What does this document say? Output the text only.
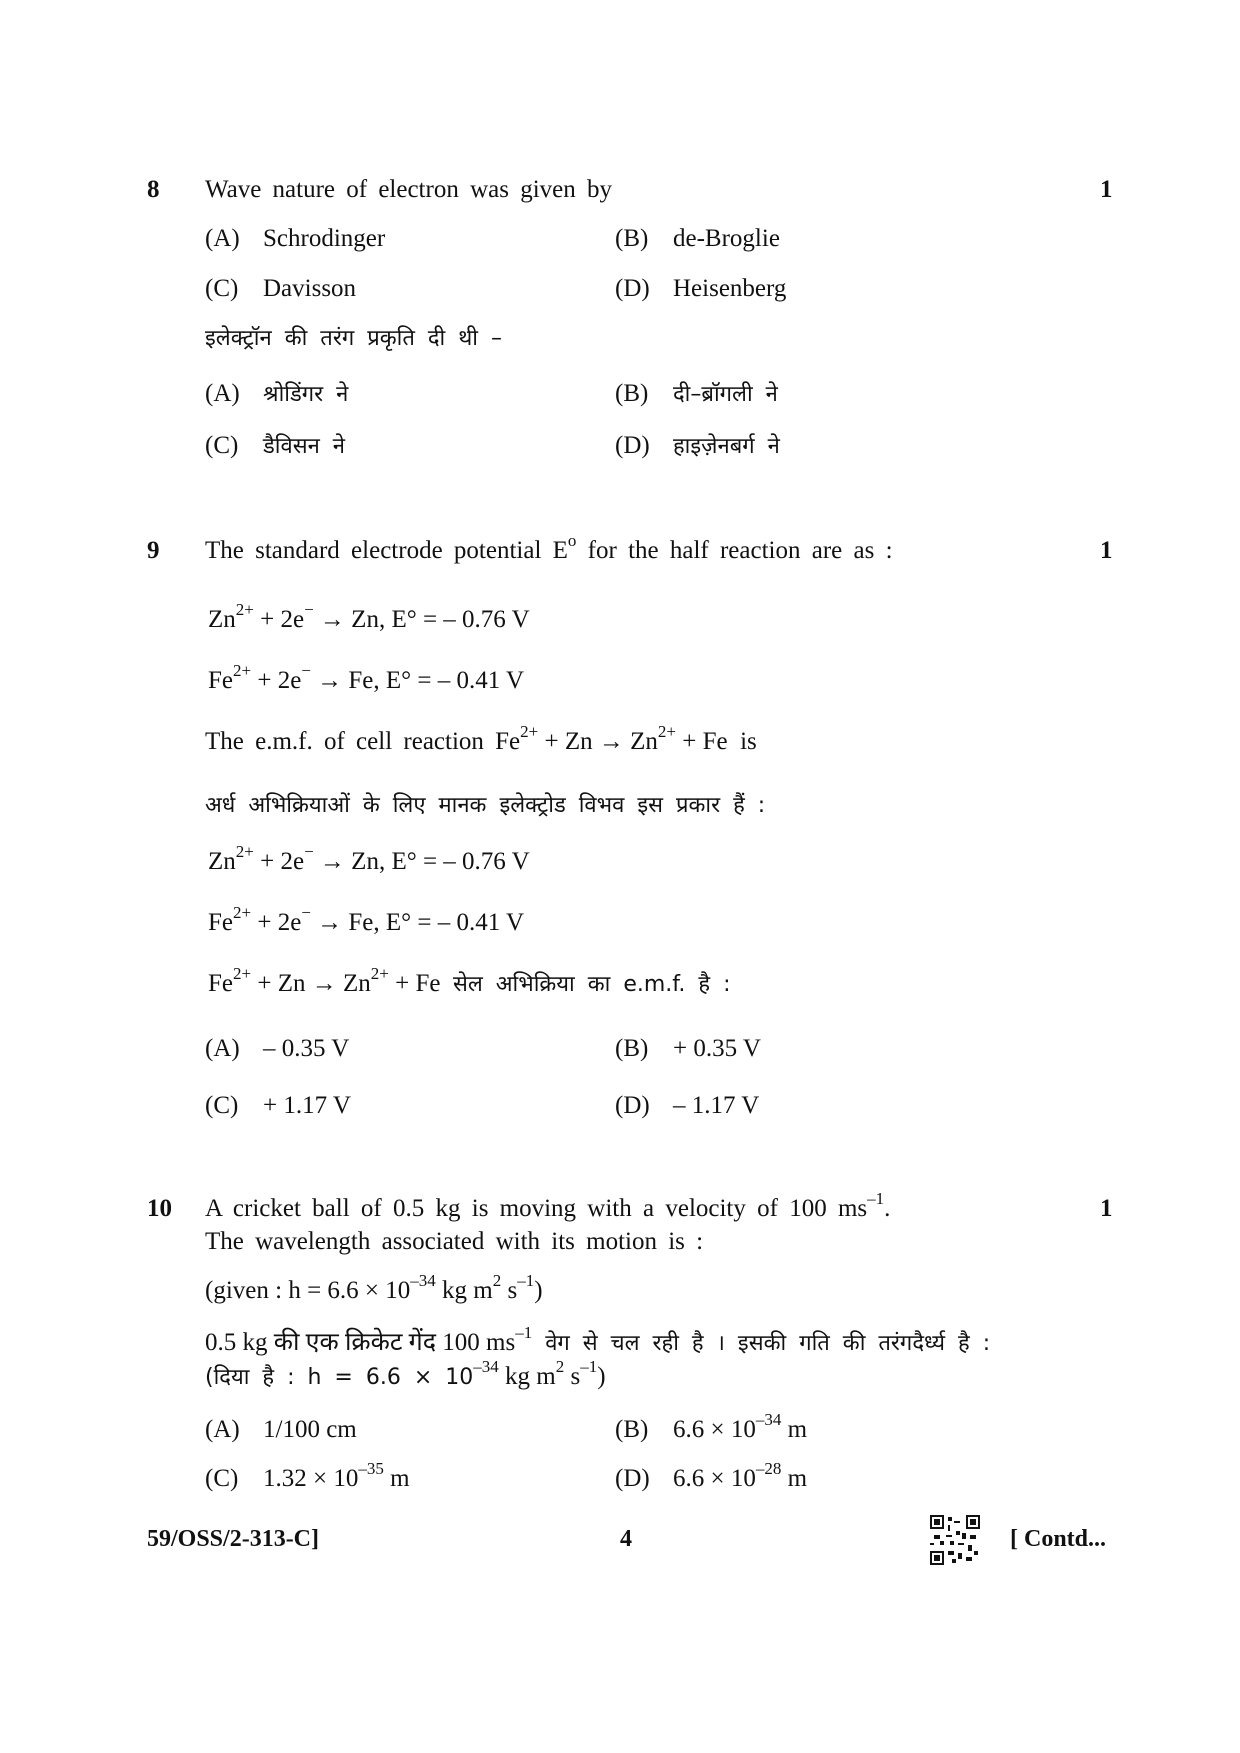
8 Wave nature of electron was given by	1
(A) Schrodinger	(B) de-Broglie
(C) Davisson	(D) Heisenberg
इलेक्ट्रॉन की तरंग प्रकृति दी थी –
(A) श्रोडिंगर ने	(B) दी–ब्रॉगली ने
(C) डैविसन ने	(D) हाइज़ेनबर्ग ने
9 The standard electrode potential $E^o$ for the half reaction are as :	1
$Zn^{2+} + 2e^- \to Zn$, E° = – 0.76 V
$Fe^{2+} + 2e^- \to Fe$, E° = – 0.41 V
The e.m.f. of cell reaction $Fe^{2+} + Zn \to Zn^{2+} + Fe$  is
अर्ध अभिक्रियाओं के लिए मानक इलेक्ट्रोड विभव इस प्रकार हैं :
$Zn^{2+} + 2e^- \to Zn$, E° = – 0.76 V
$Fe^{2+} + 2e^- \to Fe$, E° = – 0.41 V
$Fe^{2+} + Zn \to Zn^{2+} + Fe$ सेल अभिक्रिया का e.m.f. है :
(A) – 0.35 V	(B) + 0.35 V
(C) + 1.17 V	(D) – 1.17 V
10 A cricket ball of 0.5 kg is moving with a velocity of 100 $ms^{-1}$.	1
The wavelength associated with its motion is :
(given : $h = 6.6 \times 10^{-34}$ kg $m^2$ $s^{-1}$)
0.5 kg की एक क्रिकेट गेंद 100 $ms^{-1}$ वेग से चल रही है । इसकी गति की तरंगदैर्ध्य है :
(दिया है : $h = 6.6 \times 10^{-34}$ kg $m^2$ $s^{-1}$)
(A) 1/100 cm	(B) $6.6 \times 10^{-34}$ m
(C) $1.32 \times 10^{-35}$ m	(D) $6.6 \times 10^{-28}$ m
59/OSS/2-313-C]	4	[ Contd...
